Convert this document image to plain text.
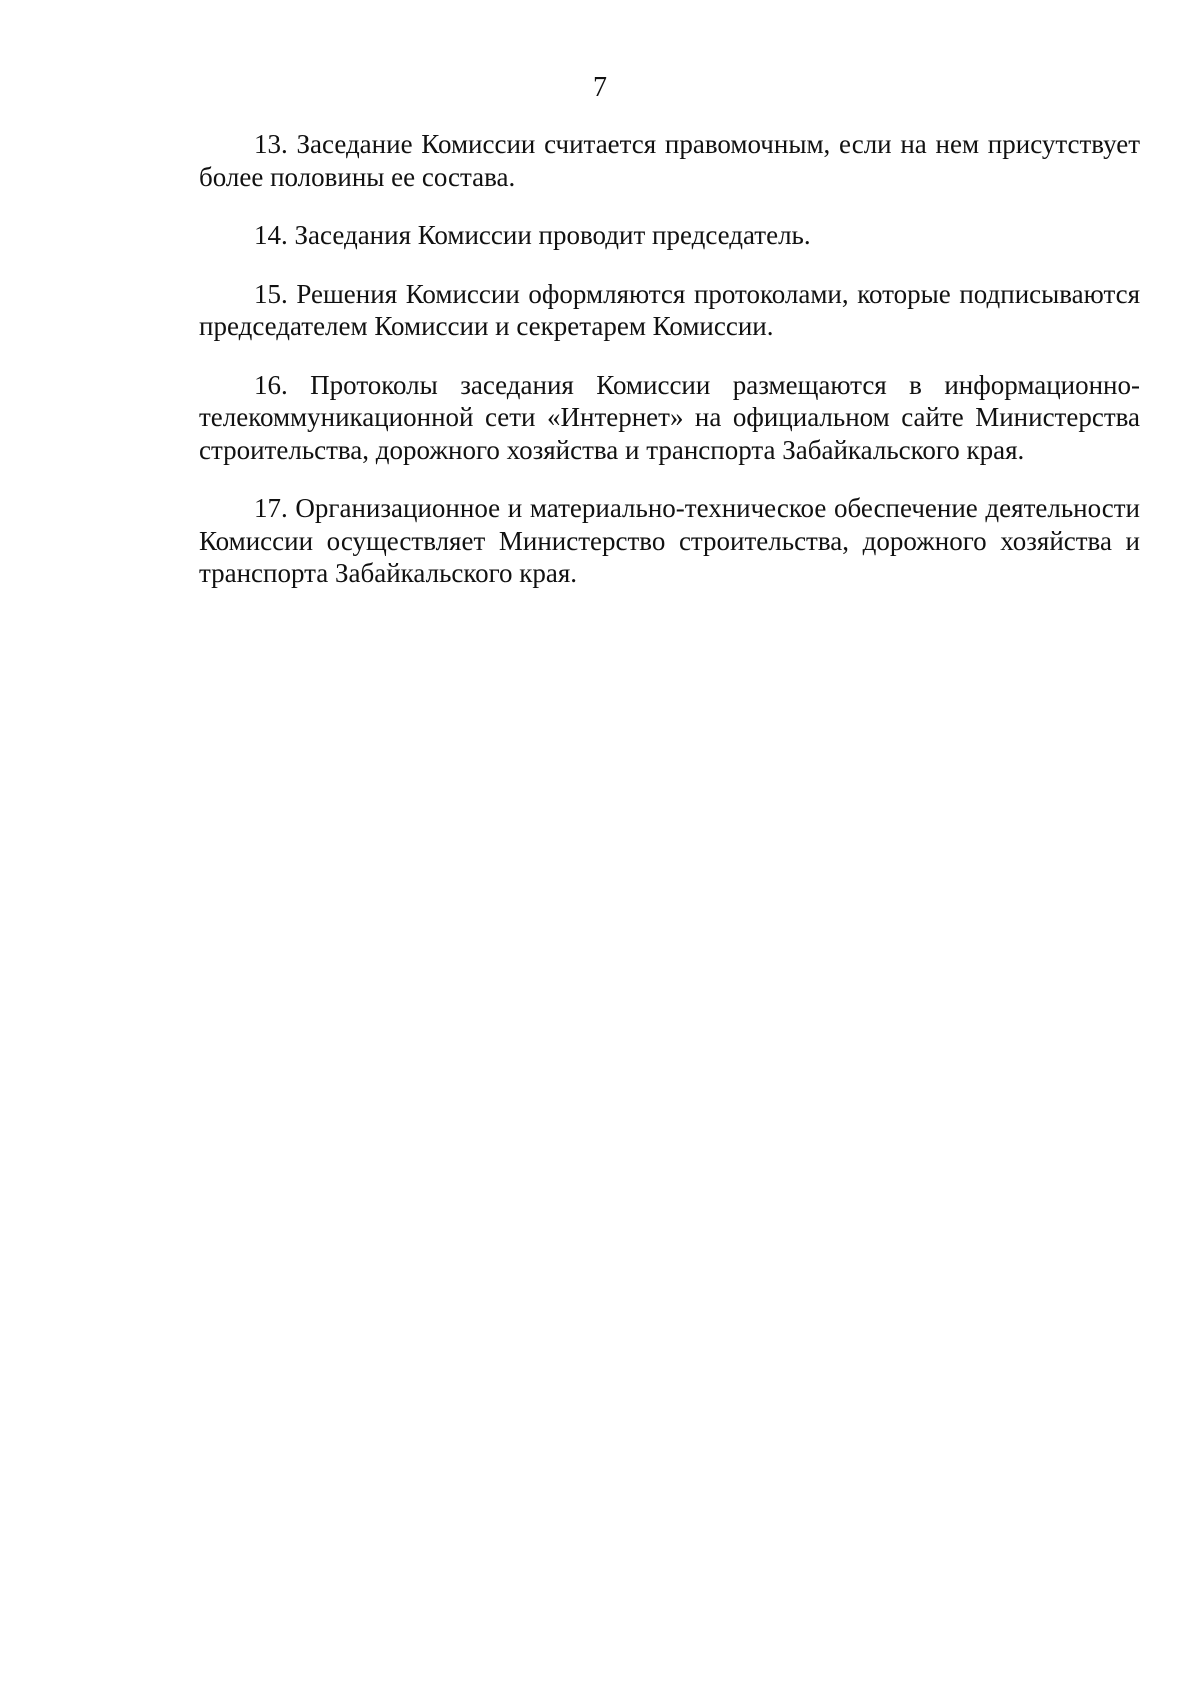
7

13. Заседание Комиссии считается правомочным, если на нем присутствует более половины ее состава.

14. Заседания Комиссии проводит председатель.

15. Решения Комиссии оформляются протоколами, которые подписываются председателем Комиссии и секретарем Комиссии.

16. Протоколы заседания Комиссии размещаются в информационно-телекоммуникационной сети «Интернет» на официальном сайте Министерства строительства, дорожного хозяйства и транспорта Забайкальского края.

17. Организационное и материально-техническое обеспечение деятельности Комиссии осуществляет Министерство строительства, дорожного хозяйства и транспорта Забайкальского края.
